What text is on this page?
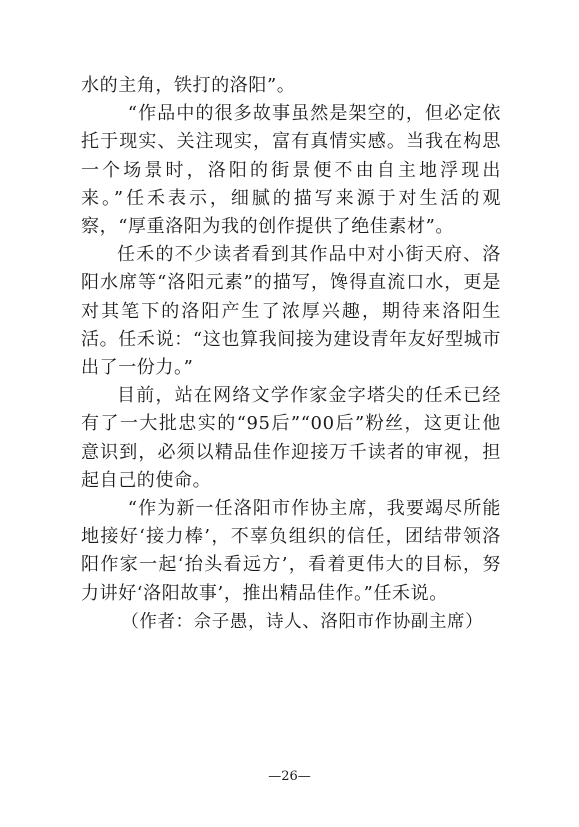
水的主角，铁打的洛阳”。

“作品中的很多故事虽然是架空的，但必定依托于现实、关注现实，富有真情实感。当我在构思一个场景时，洛阳的街景便不由自主地浮现出来。”任禾表示，细腻的描写来源于对生活的观察，“厚重洛阳为我的创作提供了绝佳素材”。

任禾的不少读者看到其作品中对小街天府、洛阳水席等“洛阳元素”的描写，馋得直流口水，更是对其笔下的洛阳产生了浓厚兴趣，期待来洛阳生活。任禾说：“这也算我间接为建设青年友好型城市出了一份力。”

目前，站在网络文学作家金字塔尖的任禾已经有了一大批忠实的“95后”“00后”粉丝，这更让他意识到，必须以精品佳作迎接万千读者的审视，担起自己的使命。

“作为新一任洛阳市作协主席，我要竭尽所能地接好‘接力棒’，不辜负组织的信任，团结带领洛阳作家一起‘抬头看远方’，看着更伟大的目标，努力讲好‘洛阳故事’，推出精品佳作。”任禾说。

（作者：佘子愚，诗人、洛阳市作协副主席）

—26—
